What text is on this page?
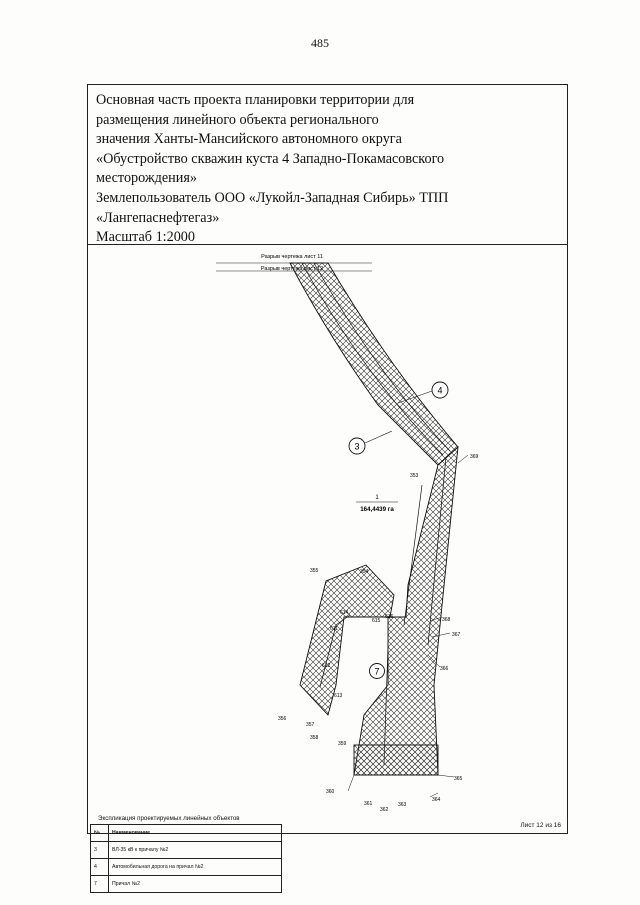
485

Основная часть проекта планировки территории для

размещения линейного объекта регионального

значения Ханты-Мансийского автономного округа

«Обустройство скважин куста 4 Западно-Покамасовского

месторождения»

Землепользователь ООО «Лукойл-Западная Сибирь» ТПП

«Лангепаснефтегаз»

Масштаб 1:2000

4
3
7
1
164,4439 га
Разрыв чертежа лист 11
Разрыв чертежа лист 12
369
353
355	354
614
615
616
611
368
367
366
612
613
356
357
358
359
365
360
361
362
363
364
Экспликация проектируемых линейных объектов
№	Наименование
3	ВЛ-35 кВ к причалу №2
4	Автомобильная дорога на причал №2
7	Причал №2
Лист 12 из 16
